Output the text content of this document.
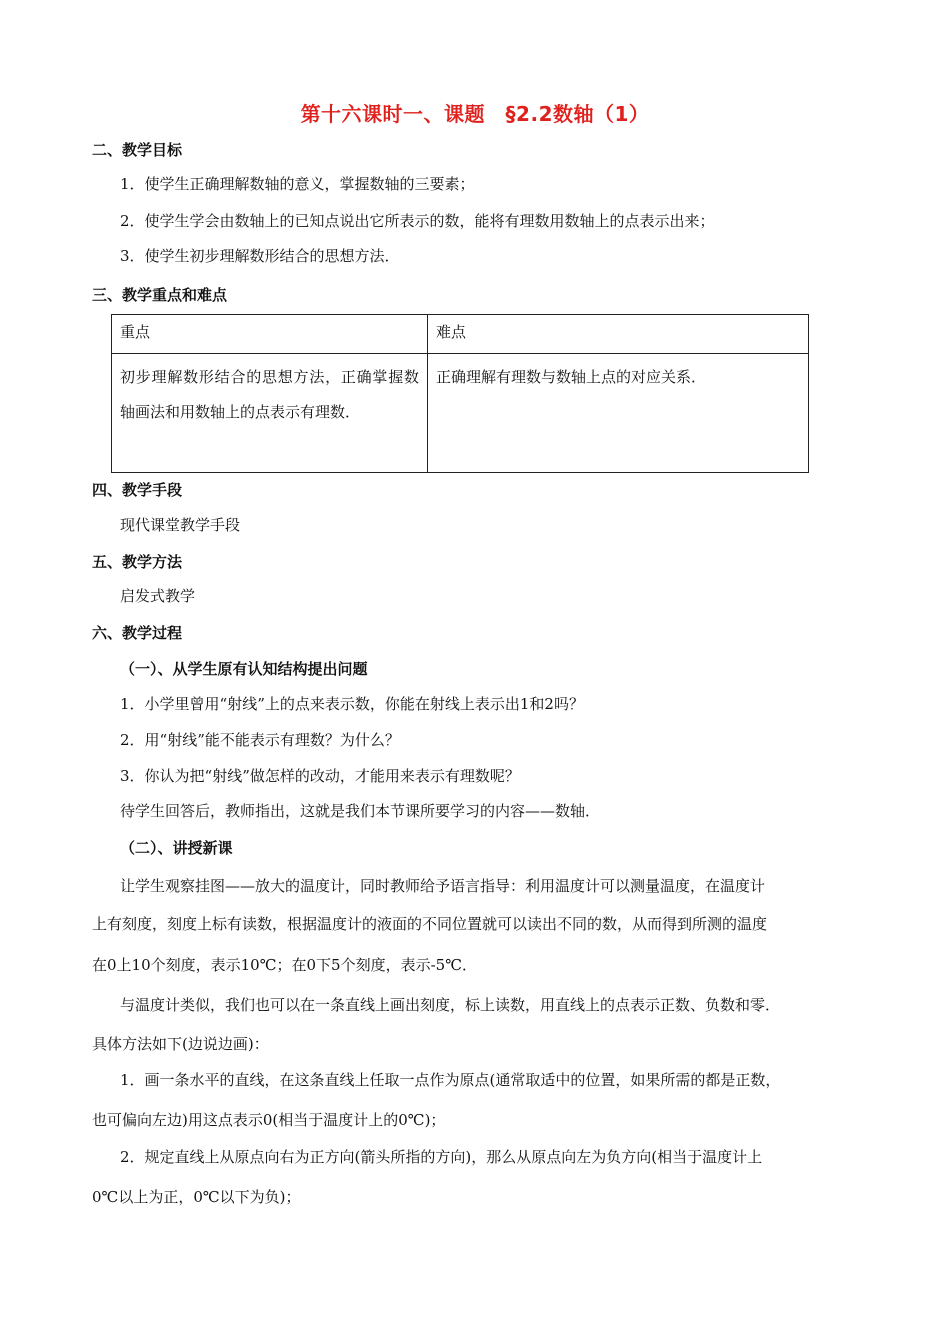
第十六课时一、课题　§2.2数轴（1）
二、教学目标
1．使学生正确理解数轴的意义，掌握数轴的三要素；
2．使学生学会由数轴上的已知点说出它所表示的数，能将有理数用数轴上的点表示出来；
3．使学生初步理解数形结合的思想方法．
三、教学重点和难点
重点	难点
初步理解数形结合的思想方法，正确掌握数轴画法和用数轴上的点表示有理数．	正确理解有理数与数轴上点的对应关系．
四、教学手段
现代课堂教学手段
五、教学方法
启发式教学
六、教学过程
（一）、从学生原有认知结构提出问题
1．小学里曾用“射线”上的点来表示数，你能在射线上表示出1和2吗？
2．用“射线”能不能表示有理数？为什么？
3．你认为把“射线”做怎样的改动，才能用来表示有理数呢？
待学生回答后，教师指出，这就是我们本节课所要学习的内容——数轴．
（二）、讲授新课
让学生观察挂图——放大的温度计，同时教师给予语言指导：利用温度计可以测量温度，在温度计
上有刻度，刻度上标有读数，根据温度计的液面的不同位置就可以读出不同的数，从而得到所测的温度
在0上10个刻度，表示10℃；在0下5个刻度，表示-5℃．
与温度计类似，我们也可以在一条直线上画出刻度，标上读数，用直线上的点表示正数、负数和零．
具体方法如下(边说边画)：
1．画一条水平的直线，在这条直线上任取一点作为原点(通常取适中的位置，如果所需的都是正数，
也可偏向左边)用这点表示0(相当于温度计上的0℃)；
2．规定直线上从原点向右为正方向(箭头所指的方向)，那么从原点向左为负方向(相当于温度计上
0℃以上为正，0℃以下为负)；
